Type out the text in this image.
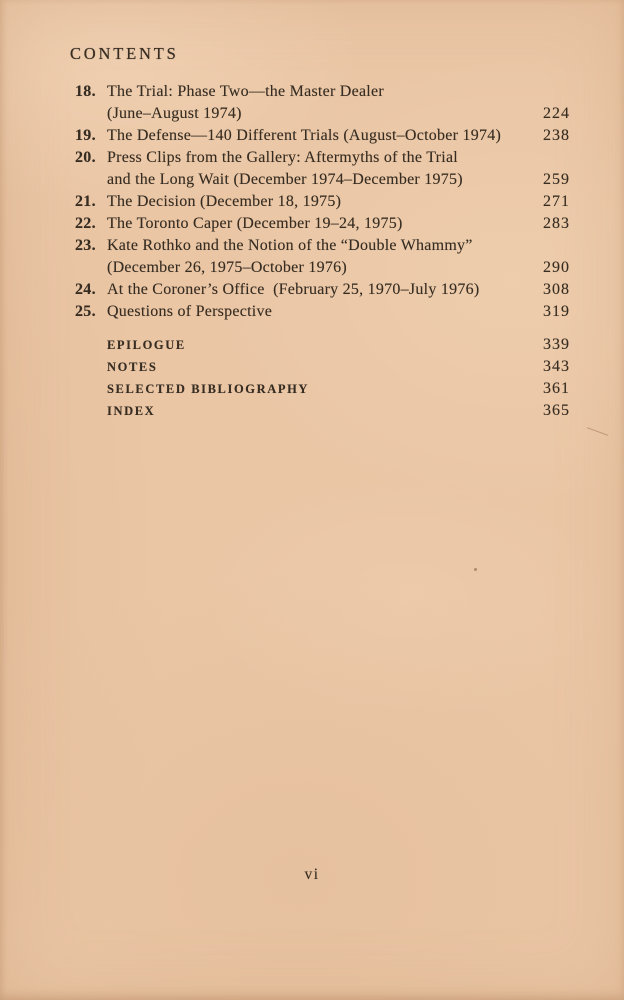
CONTENTS
18. The Trial: Phase Two—the Master Dealer
(June–August 1974)	224
19. The Defense—140 Different Trials (August–October 1974)	238
20. Press Clips from the Gallery: Aftermyths of the Trial
and the Long Wait (December 1974–December 1975)	259
21. The Decision (December 18, 1975)	271
22. The Toronto Caper (December 19–24, 1975)	283
23. Kate Rothko and the Notion of the “Double Whammy”
(December 26, 1975–October 1976)	290
24. At the Coroner’s Office  (February 25, 1970–July 1976)	308
25. Questions of Perspective	319
EPILOGUE	339
NOTES	343
SELECTED BIBLIOGRAPHY	361
INDEX	365
vi
